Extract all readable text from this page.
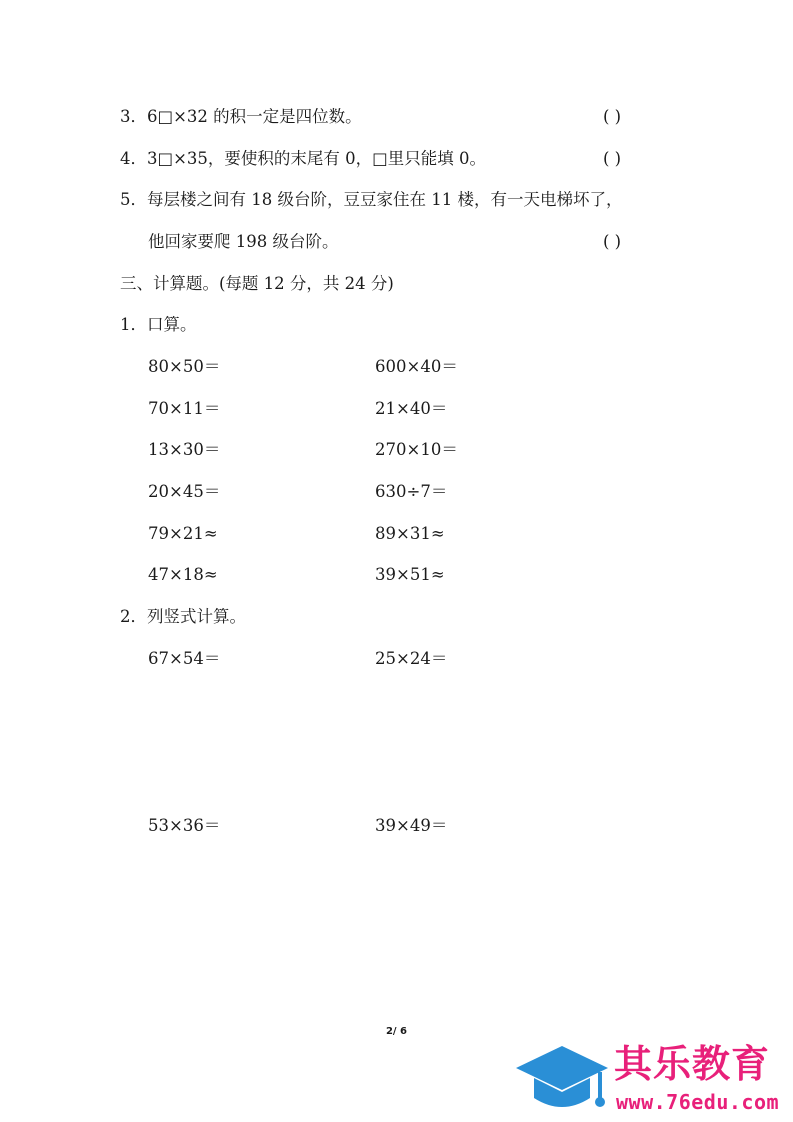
3．6□×32 的积一定是四位数。	( )
4．3□×35，要使积的末尾有 0，□里只能填 0。	( )
5．每层楼之间有 18 级台阶，豆豆家住在 11 楼，有一天电梯坏了，
他回家要爬 198 级台阶。	( )
三、计算题。(每题 12 分，共 24 分)
1．口算。
80×50＝	600×40＝
70×11＝	21×40＝
13×30＝	270×10＝
20×45＝	630÷7＝
79×21≈	89×31≈
47×18≈	39×51≈
2．列竖式计算。
67×54＝	25×24＝
53×36＝	39×49＝
2/ 6
其乐教育
www.76edu.com
